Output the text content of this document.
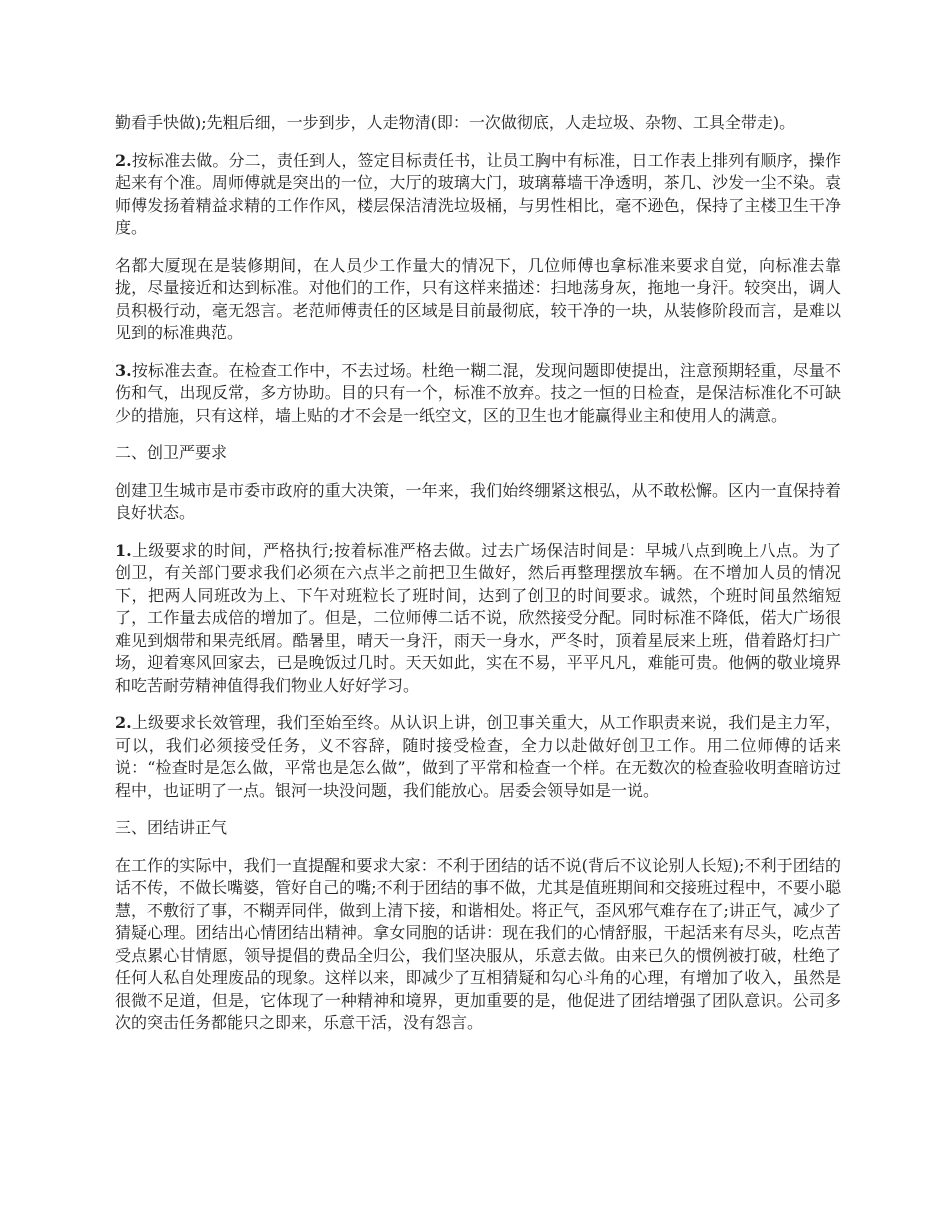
勤看手快做);先粗后细，一步到步，人走物清(即：一次做彻底，人走垃圾、杂物、工具全带走)。

2.按标准去做。分二，责任到人，签定目标责任书，让员工胸中有标准，日工作表上排列有顺序，操作起来有个准。周师傅就是突出的一位，大厅的玻璃大门，玻璃幕墙干净透明，茶几、沙发一尘不染。袁师傅发扬着精益求精的工作作风，楼层保洁清洗垃圾桶，与男性相比，毫不逊色，保持了主楼卫生干净度。

名都大厦现在是装修期间，在人员少工作量大的情况下，几位师傅也拿标准来要求自觉，向标准去靠拢，尽量接近和达到标准。对他们的工作，只有这样来描述：扫地荡身灰，拖地一身汗。较突出，调人员积极行动，毫无怨言。老范师傅责任的区域是目前最彻底，较干净的一块，从装修阶段而言，是难以见到的标准典范。

3.按标准去查。在检查工作中，不去过场。杜绝一糊二混，发现问题即使提出，注意预期轻重，尽量不伤和气，出现反常，多方协助。目的只有一个，标准不放弃。技之一恒的日检查，是保洁标准化不可缺少的措施，只有这样，墙上贴的才不会是一纸空文，区的卫生也才能赢得业主和使用人的满意。

二、创卫严要求

创建卫生城市是市委市政府的重大决策，一年来，我们始终绷紧这根弘，从不敢松懈。区内一直保持着良好状态。

1.上级要求的时间，严格执行;按着标准严格去做。过去广场保洁时间是：早城八点到晚上八点。为了创卫，有关部门要求我们必须在六点半之前把卫生做好，然后再整理摆放车辆。在不增加人员的情况下，把两人同班改为上、下午对班粒长了班时间，达到了创卫的时间要求。诚然，个班时间虽然缩短了，工作量去成倍的增加了。但是，二位师傅二话不说，欣然接受分配。同时标准不降低，偌大广场很难见到烟带和果壳纸屑。酷暑里，晴天一身汗，雨天一身水，严冬时，顶着星辰来上班，借着路灯扫广场，迎着寒风回家去，已是晚饭过几时。天天如此，实在不易，平平凡凡，难能可贵。他俩的敬业境界和吃苦耐劳精神值得我们物业人好好学习。

2.上级要求长效管理，我们至始至终。从认识上讲，创卫事关重大，从工作职责来说，我们是主力军，可以，我们必须接受任务，义不容辞，随时接受检查，全力以赴做好创卫工作。用二位师傅的话来说：“检查时是怎么做，平常也是怎么做”，做到了平常和检查一个样。在无数次的检查验收明查暗访过程中，也证明了一点。银河一块没问题，我们能放心。居委会领导如是一说。

三、团结讲正气

在工作的实际中，我们一直提醒和要求大家：不利于团结的话不说(背后不议论别人长短);不利于团结的话不传，不做长嘴婆，管好自己的嘴;不利于团结的事不做，尤其是值班期间和交接班过程中，不要小聪慧，不敷衍了事，不糊弄同伴，做到上清下接，和谐相处。将正气，歪风邪气难存在了;讲正气，减少了猜疑心理。团结出心情团结出精神。拿女同胞的话讲：现在我们的心情舒服，干起活来有尽头，吃点苦受点累心甘情愿，领导提倡的费品全归公，我们坚决服从，乐意去做。由来已久的惯例被打破，杜绝了任何人私自处理废品的现象。这样以来，即减少了互相猜疑和勾心斗角的心理，有增加了收入，虽然是很微不足道，但是，它体现了一种精神和境界，更加重要的是，他促进了团结增强了团队意识。公司多次的突击任务都能只之即来，乐意干活，没有怨言。
